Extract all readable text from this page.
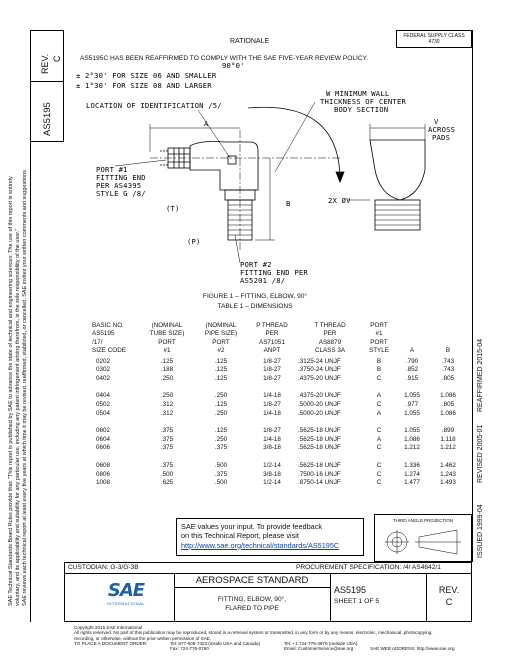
REV. C
AS5195
SAE Technical Standards Board Rules provide that: "This report is published by SAE to advance the state of technical and engineering sciences. The use of this report is entirely voluntary, and its applicability and suitability for any particular use, including any patent infringement arising therefrom, is the sole responsibility of the user." SAE reviews each technical report at least every five years at which time it may be revised, reaffirmed, stabilized, or cancelled. SAE invites your written comments and suggestions.	ISSUED 1999-04
REVISED 2005-01
REAFFIRMED 2015-04
FEDERAL SUPPLY CLASS
4730
RATIONALE
AS5195C HAS BEEN REAFFIRMED TO COMPLY WITH THE SAE FIVE-YEAR REVIEW POLICY.
90°0'
± 2°30' FOR SIZE 06 AND SMALLER
± 1°30' FOR SIZE 08 AND LARGER
LOCATION OF IDENTIFICATION /5/
A
B
W MINIMUM WALL
THICKNESS OF CENTER
BODY SECTION
V
ACROSS
PADS
PORT #1
FITTING END
PER AS4395
STYLE G /8/
(T)
(P)
2X ØV
PORT #2
FITTING END PER
AS5201 /8/
FIGURE 1 – FITTING, ELBOW, 90°
TABLE 1 – DIMENSIONS
BASIC NO.	(NOMINAL	(NOMINAL	P THREAD	T THREAD	PORT		
AS5195	TUBE SIZE)	PIPE SIZE)	PER	PER	#1		
/17/	PORT	PORT	AS71051	AS8879	PORT		
SIZE CODE	#1	#2	ANPT	CLASS 3A	STYLE	A	B

0202	.125	.125	1/8-27	.3125-24 UNJF	B	.790	.743
0302	.188	.125	1/8-27	.3750-24 UNJF	B	.852	.743
0402	.250	.125	1/8-27	.4375-20 UNJF	C	.915	.805

0404	.250	.250	1/4-18	.4375-20 UNJF	A	1.055	1.086
0502	.312	.125	1/8-27	.5000-20 UNJF	C	.977	.805
0504	.312	.250	1/4-18	.5000-20 UNJF	A	1.055	1.086

0602	.375	.125	1/8-27	.5625-18 UNJF	C	1.055	.899
0604	.375	.250	1/4-18	.5625-18 UNJF	A	1.086	1.118
0606	.375	.375	3/8-18	.5625-18 UNJF	C	1.212	1.212

0608	.375	.500	1/2-14	.5625-18 UNJF	C	1.336	1.462
0806	.500	.375	3/8-18	.7500-16 UNJF	C	1.274	1.243
1008	.625	.500	1/2-14	.8750-14 UNJF	C	1.477	1.493
SAE values your input. To provide feedback
on this Technical Report, please visit
http://www.sae.org/technical/standards/AS5195C
THIRD ANGLE PROJECTION
CUSTODIAN: G-3/G-3B	PROCUREMENT SPECIFICATION: /4/ AS4842/1
SAE
INTERNATIONAL
AEROSPACE STANDARD
FITTING, ELBOW, 90°,
FLARED TO PIPE
AS5195
SHEET 1 OF 5
REV.
C
Copyright 2015 SAE International
All rights reserved. No part of this publication may be reproduced, stored in a retrieval system or transmitted, in any form or by any means, electronic, mechanical, photocopying,
recording, or otherwise, without the prior written permission of SAE.
TO PLACE A DOCUMENT ORDER:	Tel: 877-606-7323 (inside USA and Canada)	Tel: +1 724-776-4970 (outside USA)
Fax: 724-776-0790	Email: CustomerService@sae.org	SAE WEB ADDRESS: http://www.sae.org
